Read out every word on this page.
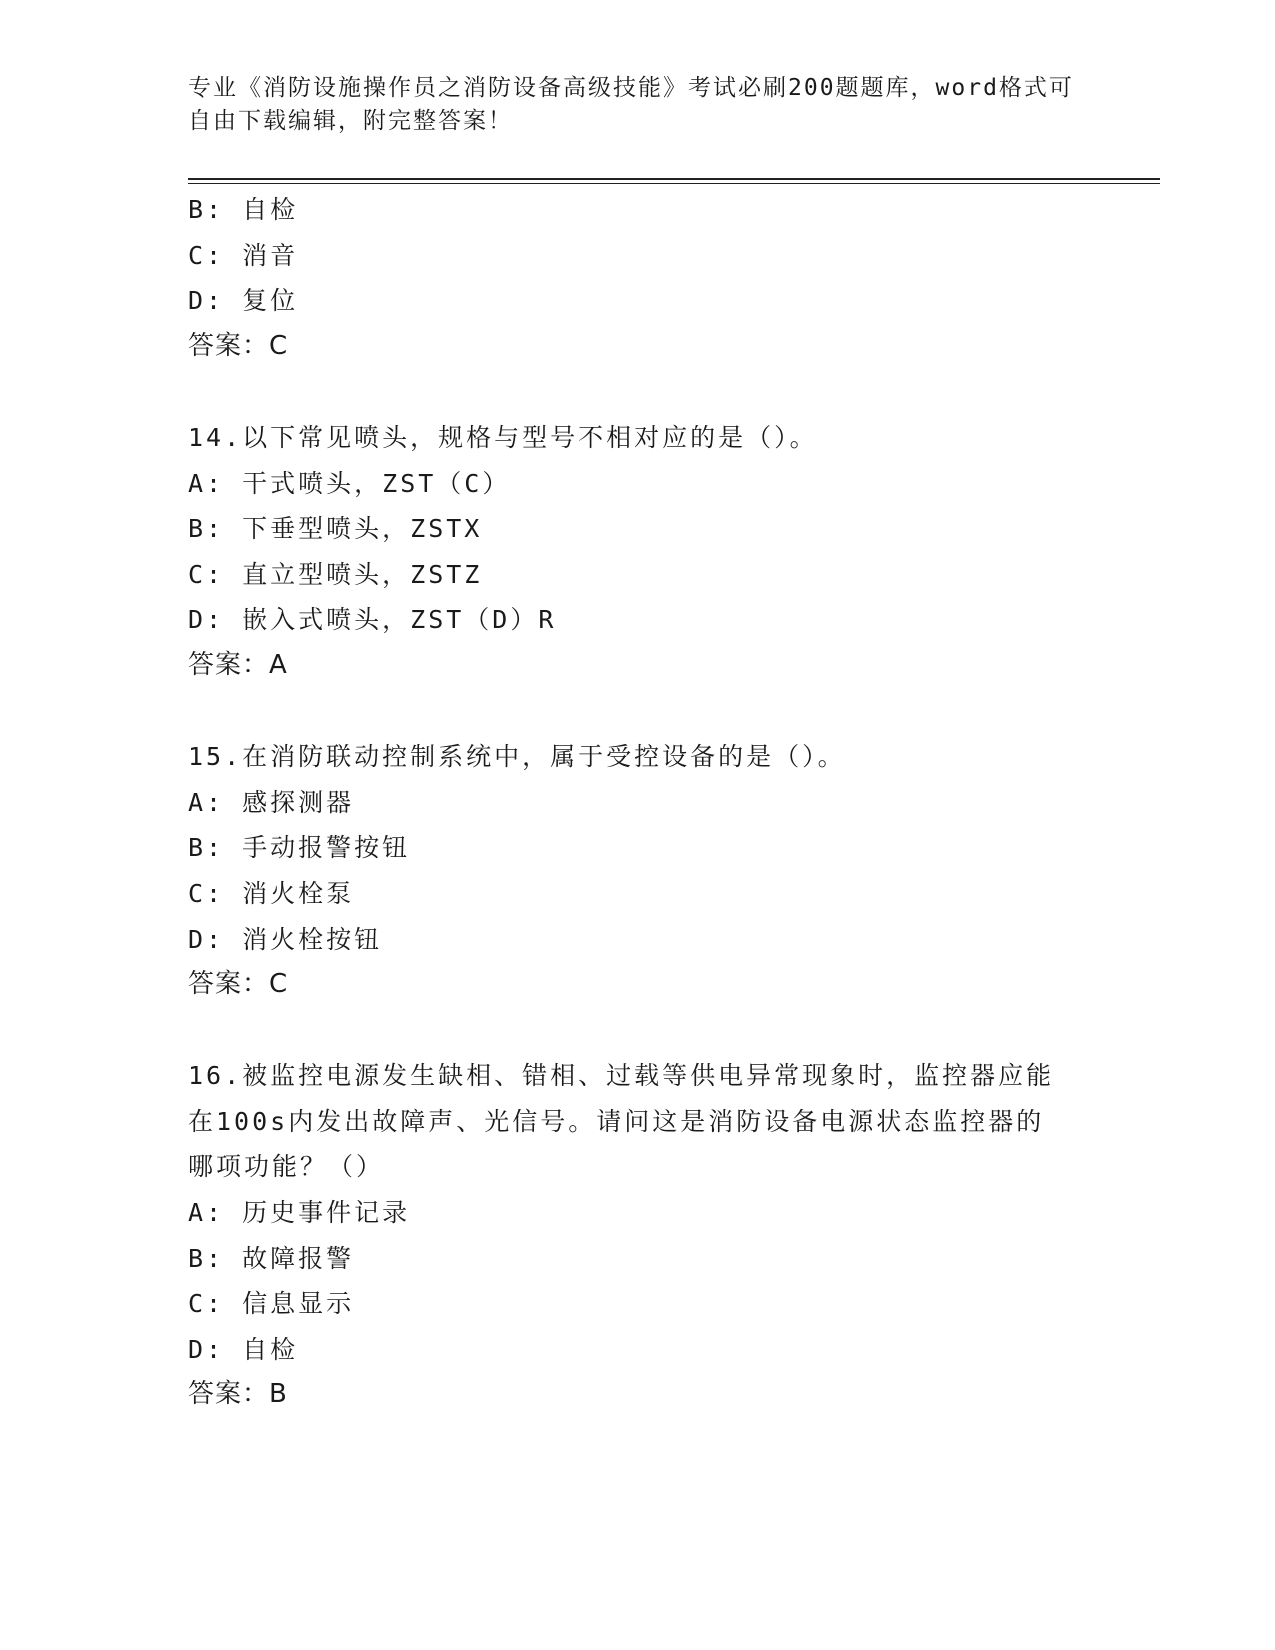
专业《消防设施操作员之消防设备高级技能》考试必刷200题题库，word格式可
自由下载编辑，附完整答案！
B: 自检
C: 消音
D: 复位
答案：C
14.以下常见喷头，规格与型号不相对应的是（）。
A: 干式喷头，ZST（C）
B: 下垂型喷头，ZSTX
C: 直立型喷头，ZSTZ
D: 嵌入式喷头，ZST（D）R
答案：A
15.在消防联动控制系统中，属于受控设备的是（）。
A: 感探测器
B: 手动报警按钮
C: 消火栓泵
D: 消火栓按钮
答案：C
16.被监控电源发生缺相、错相、过载等供电异常现象时，监控器应能
在100s内发出故障声、光信号。请问这是消防设备电源状态监控器的
哪项功能？（）
A: 历史事件记录
B: 故障报警
C: 信息显示
D: 自检
答案：B
